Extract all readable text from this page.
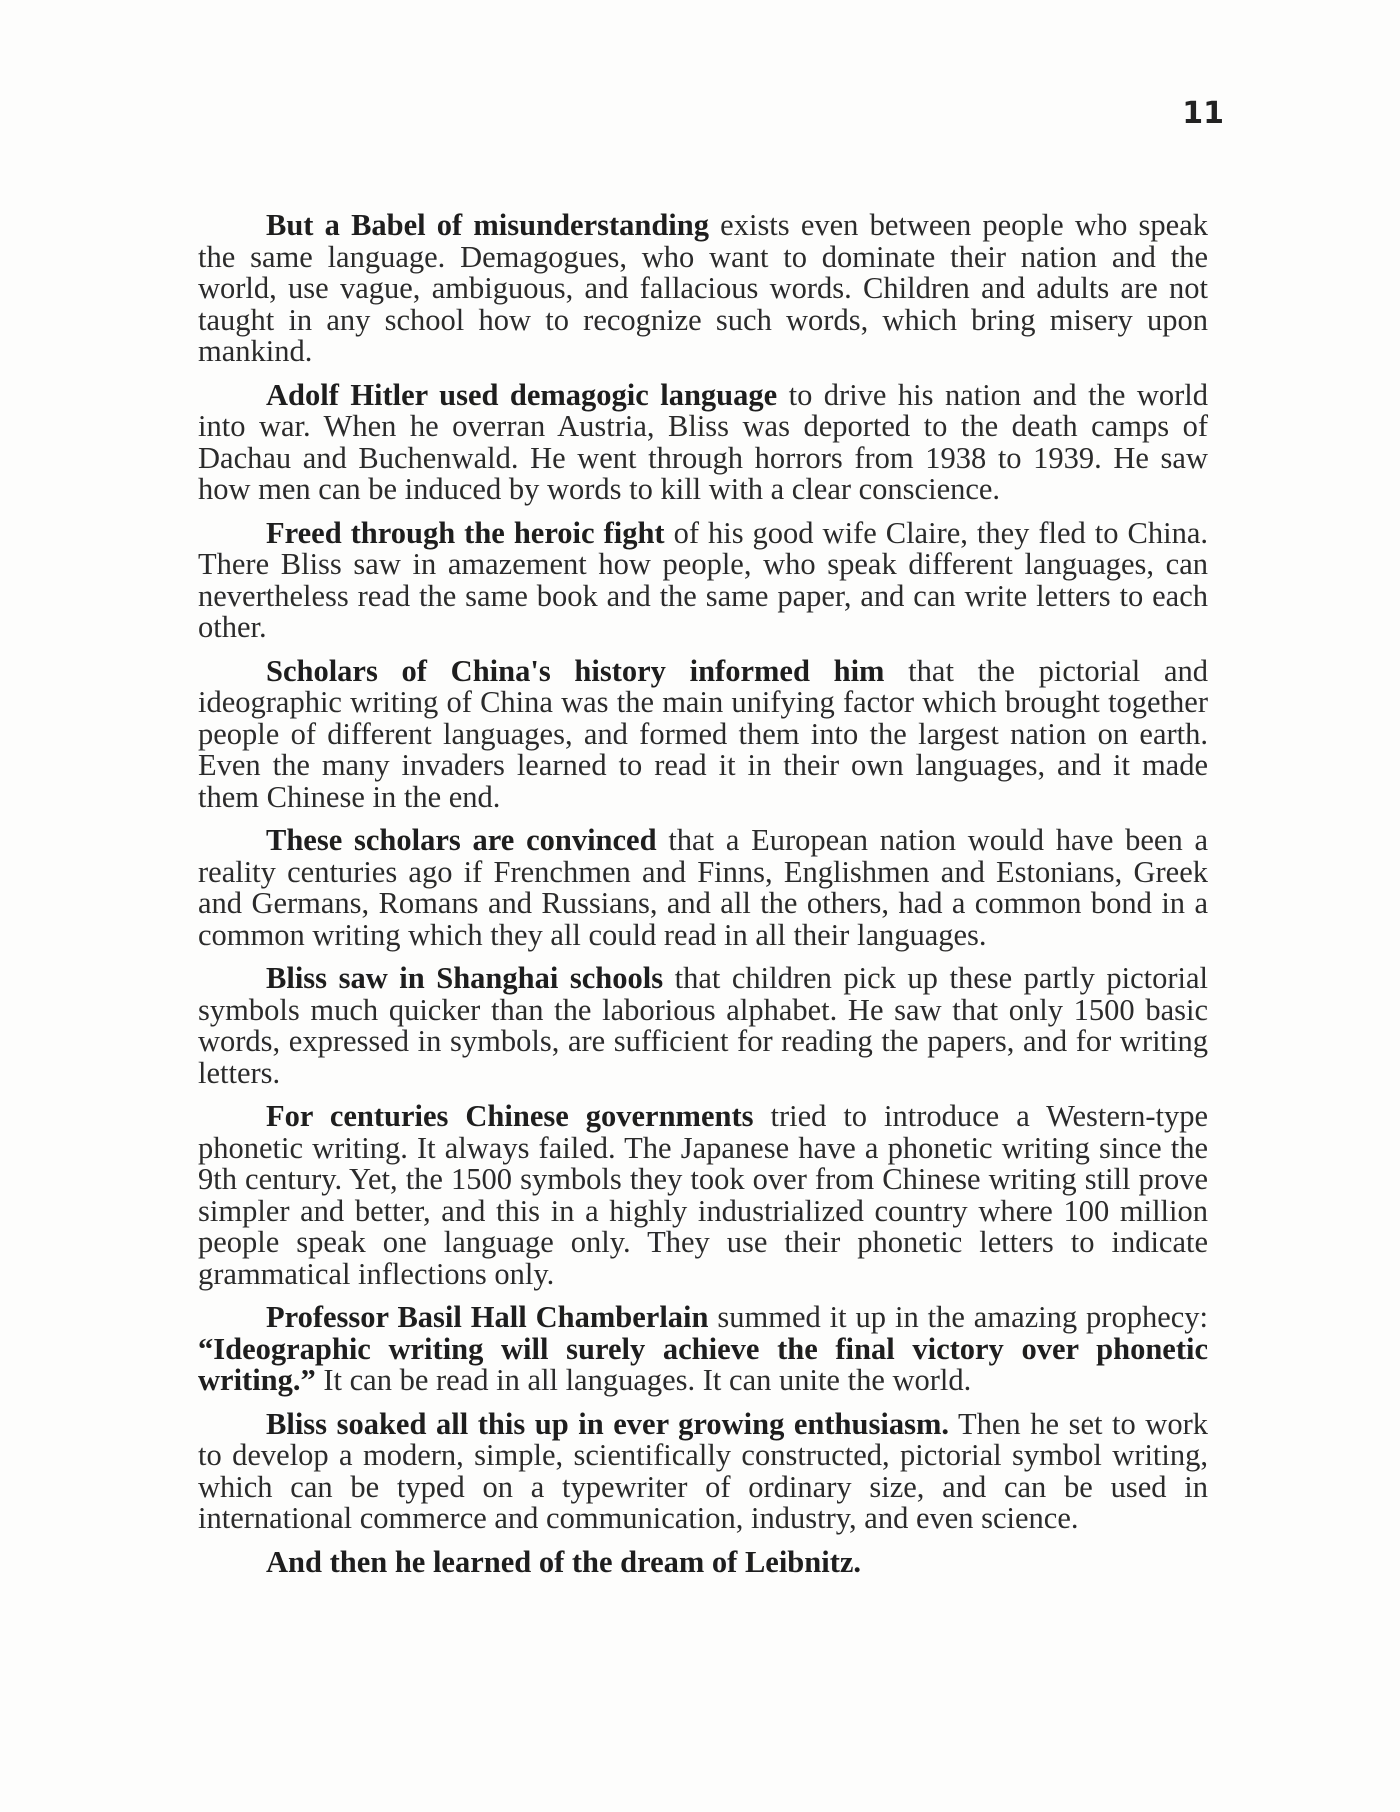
11

But a Babel of misunderstanding exists even between people who speak the same language. Demagogues, who want to dominate their nation and the world, use vague, ambiguous, and fallacious words. Children and adults are not taught in any school how to recognize such words, which bring misery upon mankind.

Adolf Hitler used demagogic language to drive his nation and the world into war. When he overran Austria, Bliss was deported to the death camps of Dachau and Buchenwald. He went through horrors from 1938 to 1939. He saw how men can be induced by words to kill with a clear conscience.

Freed through the heroic fight of his good wife Claire, they fled to China. There Bliss saw in amazement how people, who speak different languages, can nevertheless read the same book and the same paper, and can write letters to each other.

Scholars of China's history informed him that the pictorial and ideographic writing of China was the main unifying factor which brought together people of different languages, and formed them into the largest nation on earth. Even the many invaders learned to read it in their own languages, and it made them Chinese in the end.

These scholars are convinced that a European nation would have been a reality centuries ago if Frenchmen and Finns, Englishmen and Estonians, Greek and Germans, Romans and Russians, and all the others, had a common bond in a common writing which they all could read in all their languages.

Bliss saw in Shanghai schools that children pick up these partly pictorial symbols much quicker than the laborious alphabet. He saw that only 1500 basic words, expressed in symbols, are sufficient for reading the papers, and for writing letters.

For centuries Chinese governments tried to introduce a Western-type phonetic writing. It always failed. The Japanese have a phonetic writing since the 9th century. Yet, the 1500 symbols they took over from Chinese writing still prove simpler and better, and this in a highly industrialized country where 100 million people speak one language only. They use their phonetic letters to indicate grammatical inflections only.

Professor Basil Hall Chamberlain summed it up in the amazing prophecy: “Ideographic writing will surely achieve the final victory over phonetic writing.” It can be read in all languages. It can unite the world.

Bliss soaked all this up in ever growing enthusiasm. Then he set to work to develop a modern, simple, scientifically constructed, pictorial symbol writing, which can be typed on a typewriter of ordinary size, and can be used in international commerce and communication, industry, and even science.

And then he learned of the dream of Leibnitz.
